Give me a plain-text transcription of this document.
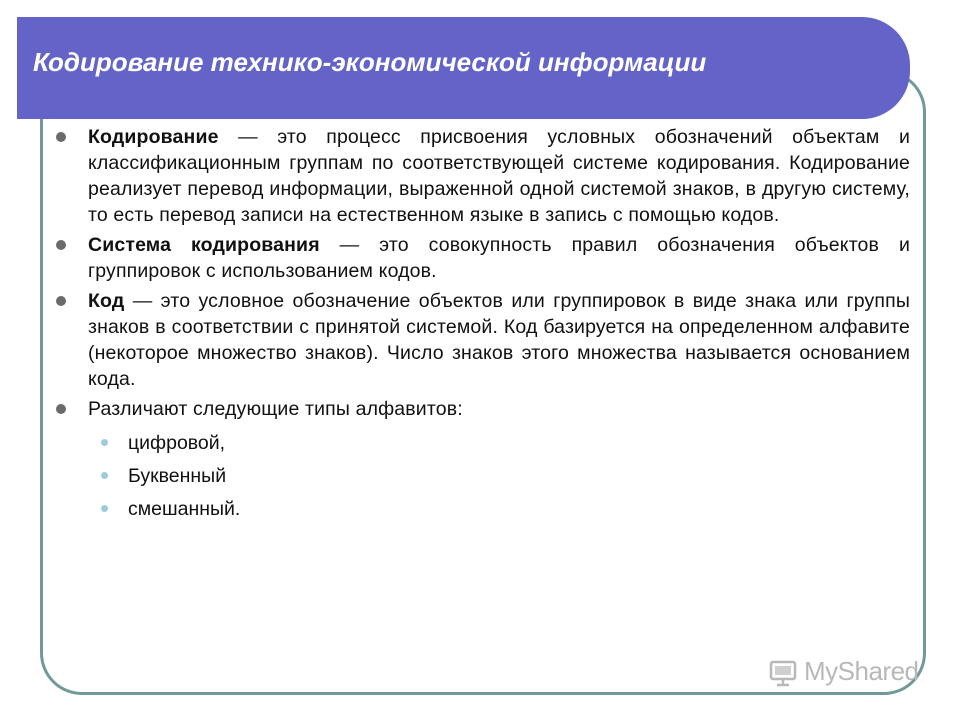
Кодирование технико-экономической информации
Кодирование — это процесс присвоения условных обозначений объектам и классификационным группам по соответствующей системе кодирования. Кодирование реализует перевод информации, выраженной одной системой знаков, в другую систему, то есть перевод записи на естественном языке в запись с помощью кодов.
Система кодирования — это совокупность правил обозначения объектов и группировок с использованием кодов.
Код — это условное обозначение объектов или группировок в виде знака или группы знаков в соответствии с принятой системой. Код базируется на определенном алфавите (некоторое множество знаков). Число знаков этого множества называется основанием кода.
Различают следующие типы алфавитов:
цифровой,
Буквенный
смешанный.
MyShared
